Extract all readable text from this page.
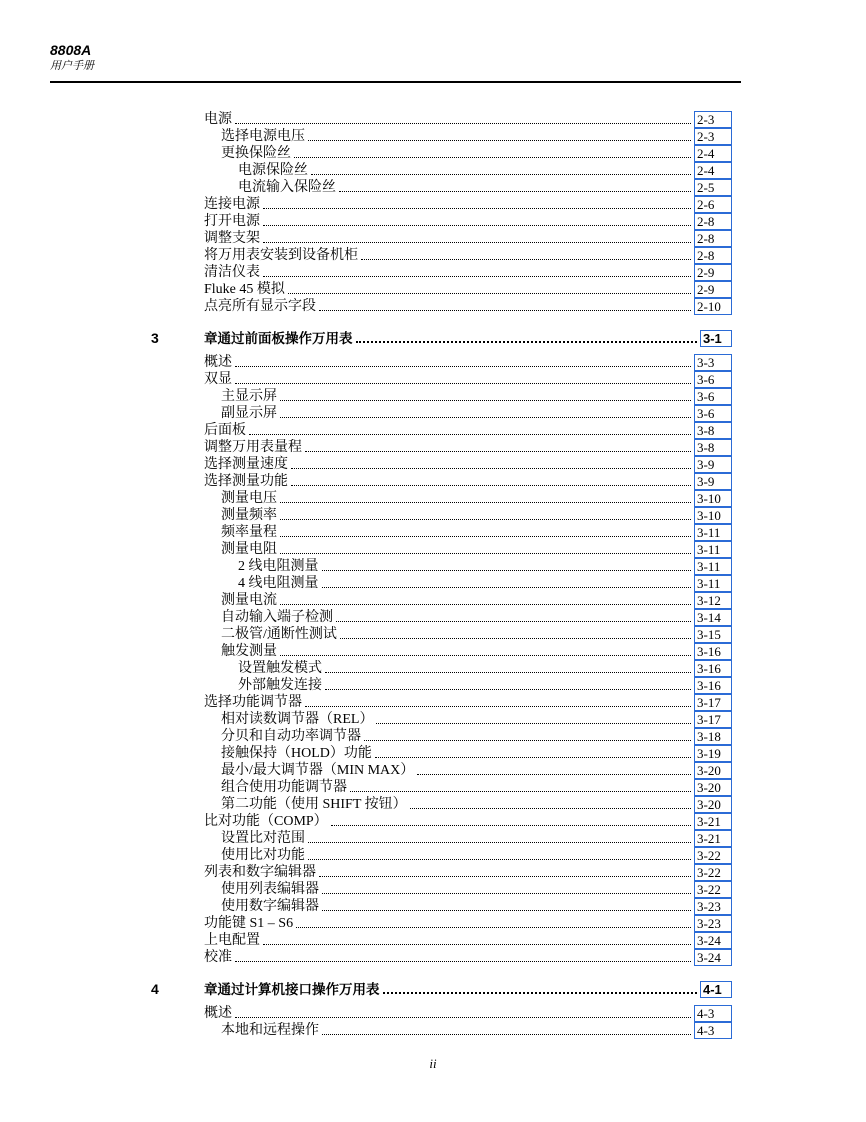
8808A
用户手册
电源	2-3
选择电源电压	2-3
更换保险丝	2-4
电源保险丝	2-4
电流输入保险丝	2-5
连接电源	2-6
打开电源	2-8
调整支架	2-8
将万用表安装到设备机柜	2-8
清洁仪表	2-9
Fluke 45 模拟	2-9
点亮所有显示字段	2-10
3	章通过前面板操作万用表	3-1
概述	3-3
双显	3-6
主显示屏	3-6
副显示屏	3-6
后面板	3-8
调整万用表量程	3-8
选择测量速度	3-9
选择测量功能	3-9
测量电压	3-10
测量频率	3-10
频率量程	3-11
测量电阻	3-11
2 线电阻测量	3-11
4 线电阻测量	3-11
测量电流	3-12
自动输入端子检测	3-14
二极管/通断性测试	3-15
触发测量	3-16
设置触发模式	3-16
外部触发连接	3-16
选择功能调节器	3-17
相对读数调节器（REL）	3-17
分贝和自动功率调节器	3-18
接触保持（HOLD）功能	3-19
最小/最大调节器（MIN MAX）	3-20
组合使用功能调节器	3-20
第二功能（使用 SHIFT 按钮）	3-20
比对功能（COMP）	3-21
设置比对范围	3-21
使用比对功能	3-22
列表和数字编辑器	3-22
使用列表编辑器	3-22
使用数字编辑器	3-23
功能键 S1 – S6	3-23
上电配置	3-24
校准	3-24
4	章通过计算机接口操作万用表	4-1
概述	4-3
本地和远程操作	4-3
ii
